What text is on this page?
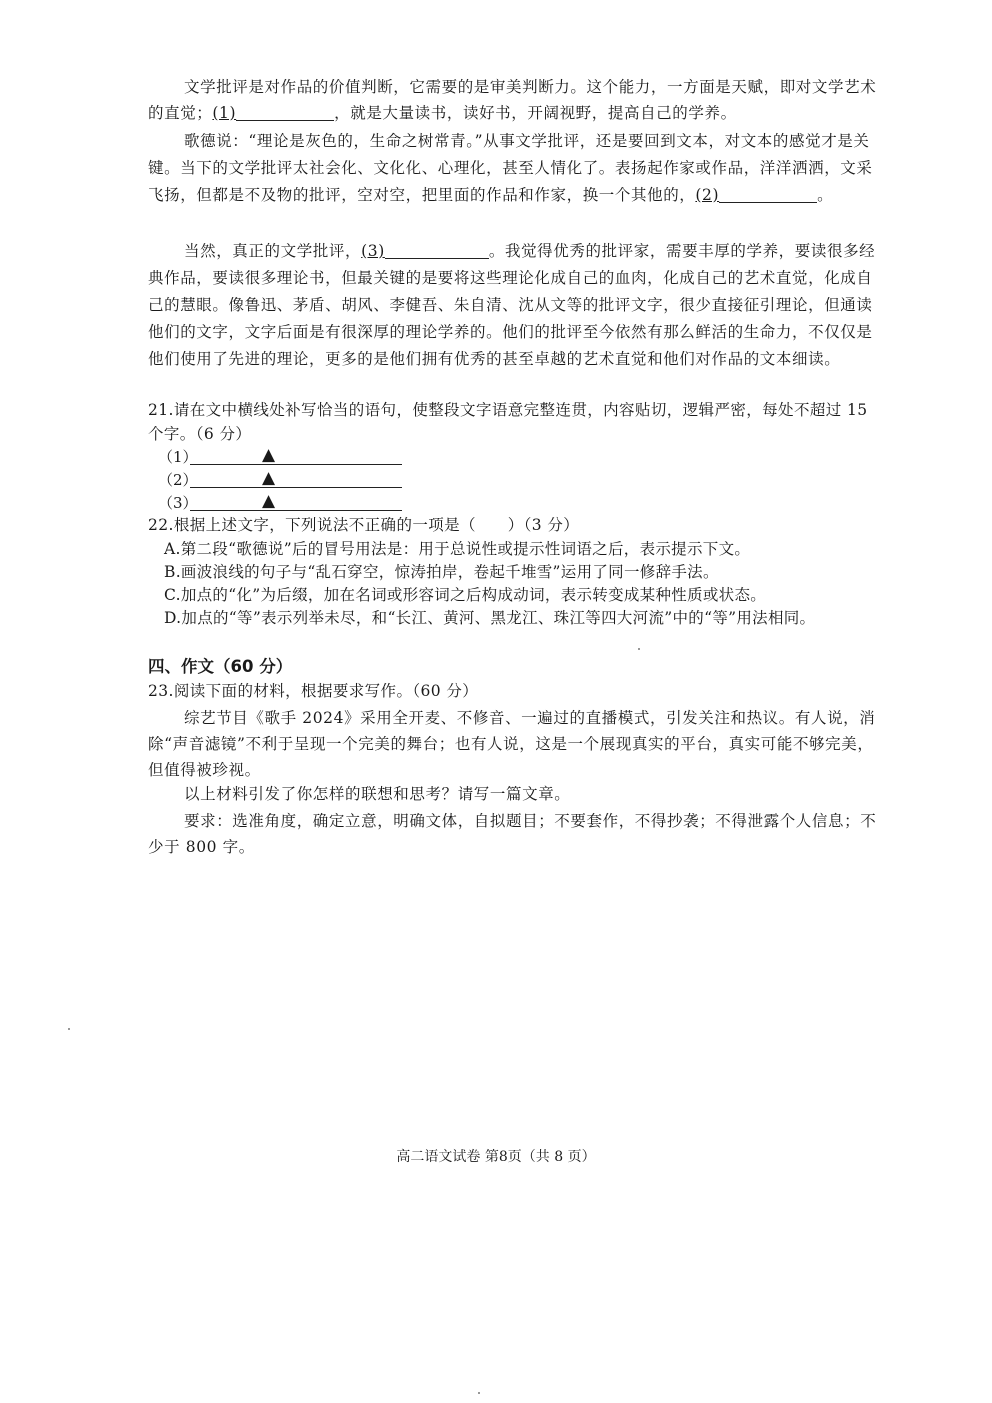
文学批评是对作品的价值判断，它需要的是审美判断力。这个能力，一方面是天赋，即对文学艺术的直觉；(1)	，就是大量读书，读好书，开阔视野，提高自己的学养。

歌德说：“理论是灰色的，生命之树常青。”从事文学批评，还是要回到文本，对文本的感觉才是关键。当下的文学批评太社会化、文化化、心理化，甚至人情化了。表扬起作家或作品，洋洋洒洒，文采飞扬，但都是不及物的批评，空对空，把里面的作品和作家，换一个其他的，(2)	。

当然，真正的文学批评，(3)	。我觉得优秀的批评家，需要丰厚的学养，要读很多经典作品，要读很多理论书，但最关键的是要将这些理论化成自己的血肉，化成自己的艺术直觉，化成自己的慧眼。像鲁迅、茅盾、胡风、李健吾、朱自清、沈从文等的批评文字，很少直接征引理论，但通读他们的文字，文字后面是有很深厚的理论学养的。他们的批评至今依然有那么鲜活的生命力，不仅仅是他们使用了先进的理论，更多的是他们拥有优秀的甚至卓越的艺术直觉和他们对作品的文本细读。

21.请在文中横线处补写恰当的语句，使整段文字语意完整连贯，内容贴切，逻辑严密，每处不超过 15 个字。（6 分）

（1）	▲
（2）	▲
（3）	▲

22.根据上述文字，下列说法不正确的一项是（　　）（3 分）

A.第二段“歌德说”后的冒号用法是：用于总说性或提示性词语之后，表示提示下文。

B.画波浪线的句子与“乱石穿空，惊涛拍岸，卷起千堆雪”运用了同一修辞手法。

C.加点的“化”为后缀，加在名词或形容词之后构成动词，表示转变成某种性质或状态。

D.加点的“等”表示列举未尽，和“长江、黄河、黑龙江、珠江等四大河流”中的“等”用法相同。

四、作文（60 分）

23.阅读下面的材料，根据要求写作。（60 分）

综艺节目《歌手 2024》采用全开麦、不修音、一遍过的直播模式，引发关注和热议。有人说，消除“声音滤镜”不利于呈现一个完美的舞台；也有人说，这是一个展现真实的平台，真实可能不够完美，但值得被珍视。

以上材料引发了你怎样的联想和思考？请写一篇文章。

要求：选准角度，确定立意，明确文体，自拟题目；不要套作，不得抄袭；不得泄露个人信息；不少于 800 字。

高二语文试卷 第8页（共 8 页）
